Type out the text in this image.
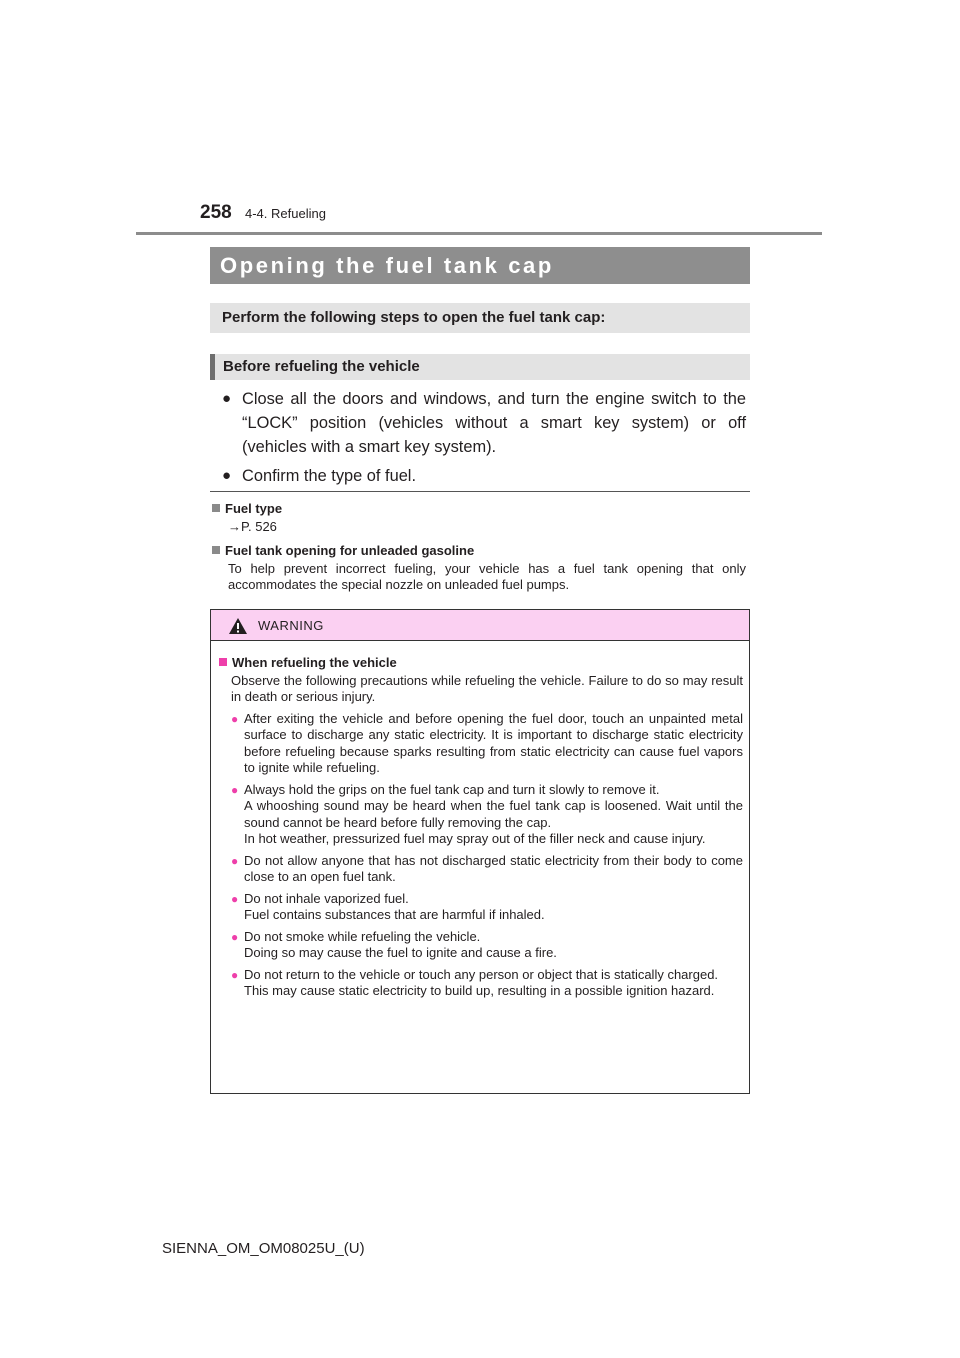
258 4-4. Refueling
Opening the fuel tank cap
Perform the following steps to open the fuel tank cap:
Before refueling the vehicle
● Close all the doors and windows, and turn the engine switch to the “LOCK” position (vehicles without a smart key system) or off (vehicles with a smart key system).
● Confirm the type of fuel.
Fuel type
→P. 526
Fuel tank opening for unleaded gasoline
To help prevent incorrect fueling, your vehicle has a fuel tank opening that only accommodates the special nozzle on unleaded fuel pumps.
WARNING
When refueling the vehicle
Observe the following precautions while refueling the vehicle. Failure to do so may result in death or serious injury.
● After exiting the vehicle and before opening the fuel door, touch an unpainted metal surface to discharge any static electricity. It is important to discharge static electricity before refueling because sparks resulting from static electricity can cause fuel vapors to ignite while refueling.
● Always hold the grips on the fuel tank cap and turn it slowly to remove it.
A whooshing sound may be heard when the fuel tank cap is loosened. Wait until the sound cannot be heard before fully removing the cap.
In hot weather, pressurized fuel may spray out of the filler neck and cause injury.
● Do not allow anyone that has not discharged static electricity from their body to come close to an open fuel tank.
● Do not inhale vaporized fuel.
Fuel contains substances that are harmful if inhaled.
● Do not smoke while refueling the vehicle.
Doing so may cause the fuel to ignite and cause a fire.
● Do not return to the vehicle or touch any person or object that is statically charged.
This may cause static electricity to build up, resulting in a possible ignition hazard.
SIENNA_OM_OM08025U_(U)
